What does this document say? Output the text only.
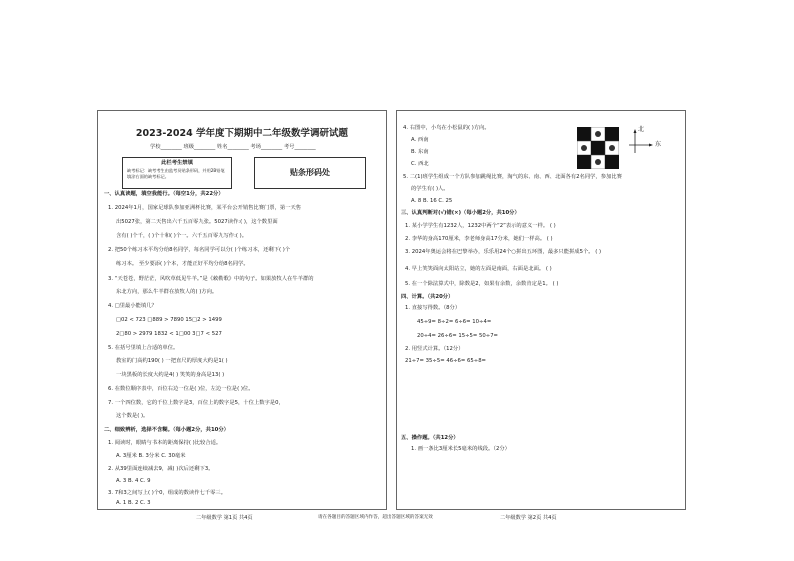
2023-2024 学年度下期期中二年级数学调研试题
学校________ 班级________ 姓名________ 考场________ 考号________
此栏考生禁填
缺考标记：缺考考生由监考员贴条形码，并用2B铅笔填涂右面的缺考标记。	贴条形码处
一、认真读题，填空我能行。（每空1分，共22分）
1. 2024年1月，国家足球队参加亚洲杯比赛，某平台公开销售比赛门票，第一天售
出5027张，第二天售出六千五百零九张。5027读作:( )，这个数里面
含有( )个千，( )个十和( )个一。六千五百零九写作:( )。
2. 把50个练习本平均分给8名同学，每名同学可以分( )个练习本，还剩下( )个
练习本。 至少要添( )个本，才能正好平均分给8名同学。
3. “天苍苍，野茫茫，风吹草低见牛羊。”是《敕勒歌》中的句子。如果放牧人在牛羊群的
东北方向，那么牛羊群在放牧人的( )方向。
4. □里最小能填几？
□02 < 723 □889 > 7890 15□2 > 1499
2□80 > 2979 1832 < 1□00 3□7 < 527
5. 在括号里填上合适的单位。
教室的门高约190( ) 一把直尺的厚度大约是1( )
一块黑板的长度大约是4( ) 笑笑的身高是13( )
6. 在数位顺序表中，百位右边一位是( )位，左边一位是( )位。
7. 一个四位数，它的千位上数字是3，百位上的数字是5，十位上数字是0，
这个数是( )。
二、细致辨析，选择不含糊。（每小题2分，共10分）
1. 阅读时，眼睛与书本的距离保持( )比较合适。
A. 3厘米 B. 3分米 C. 30毫米
2. 从39里面连续减去9，减( )次后还剩下3。
A. 3 B. 4 C. 9
3. 7和3之间写上( )个0，组成的数读作七千零三。
A. 1 B. 2 C. 3
4. 右图中，小鸟在小松鼠的( )方向。
A. 西南
B. 东南
C. 西北
北
东
5. 二(1)班学生组成一个方队参加跳绳比赛，淘气的东、南、西、北面各有2名同学，参加比赛
的学生有( )人。
A. 8 B. 16 C. 25
三、认真判断对(√)错(×)（每小题2分，共10分）
1. 某小学学生有1232人，1232中两个“2”表示的意义一样。 ( )
2. 李华的身高170厘米，李老师身高17分米，她们一样高。 ( )
3. 2024年奥运会将在巴黎举办，乐乐用24个○拼出五环图，最多只能拼成5个。 ( )
4. 早上笑笑面向太阳站立，她的左面是南面，右面是北面。 ( )
5. 在一个除法算式中，除数是2，如果有余数，余数肯定是1。 ( )
四、计算。（共20分）
1. 直接写得数。（8分）
45÷9= 8÷2= 6÷6= 10÷4=
20÷4= 26÷6= 15÷5= 50÷7=
2. 用竖式计算。（12分）
21÷7= 35÷5= 46÷6= 65÷8=
五、操作题。（共12分）
1. 画一条比3厘米长5毫米的线段。（2分）
二年级数学 第1页 共4页	请在各题目的答题区域内作答，超出答题区域的答案无效	二年级数学 第2页 共4页
